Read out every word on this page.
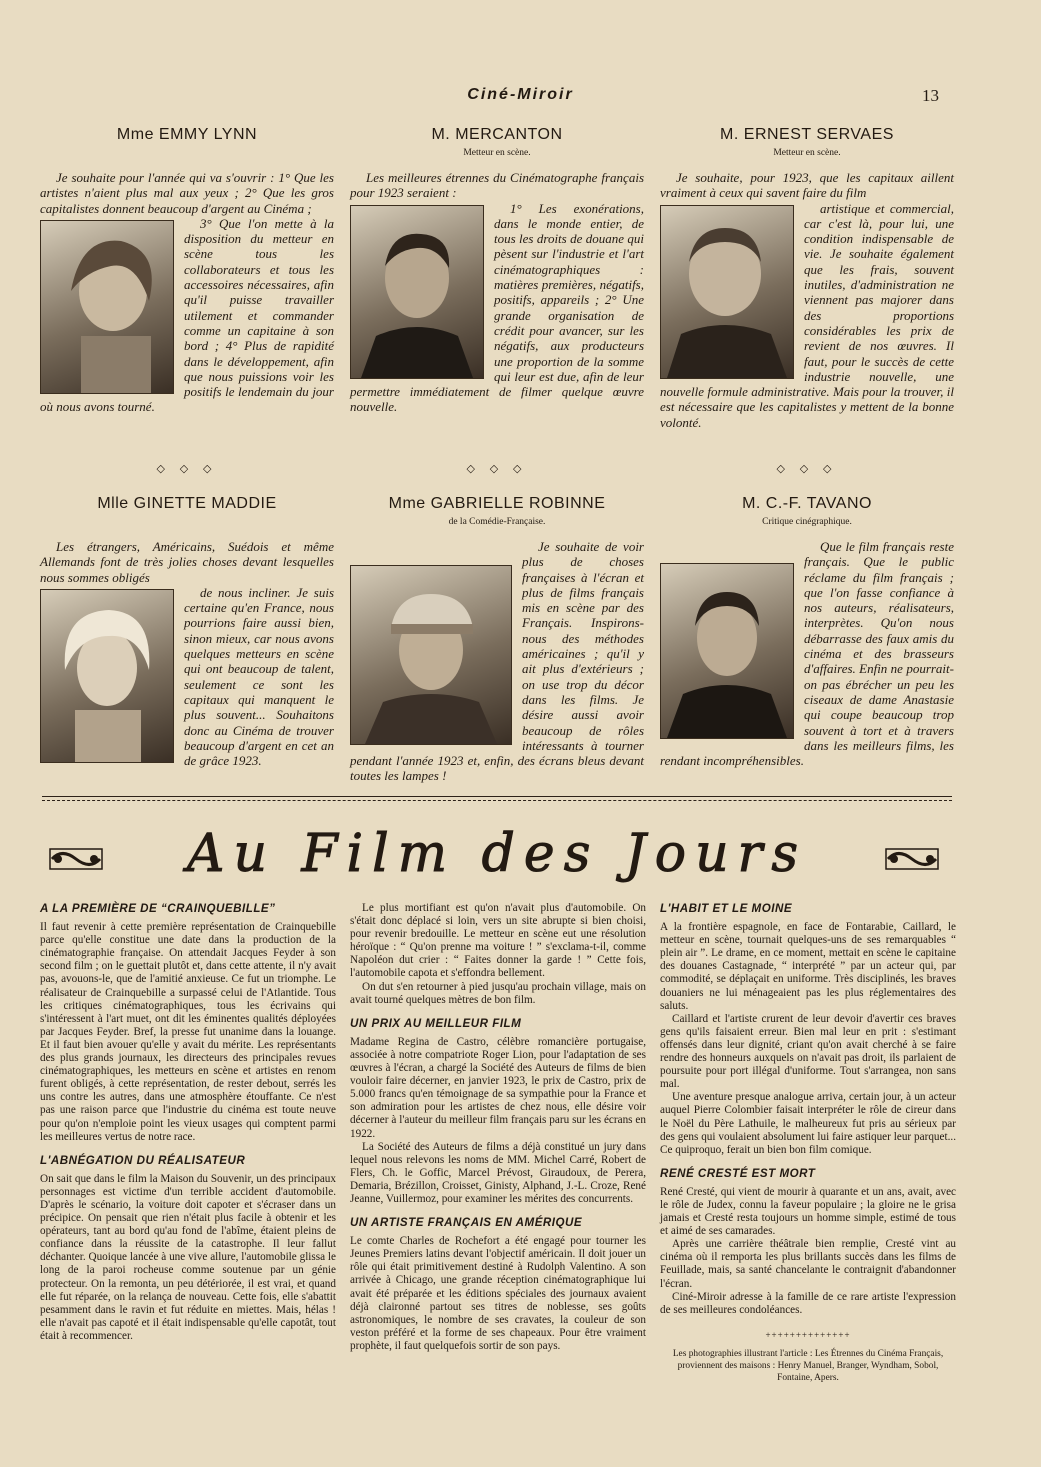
Ciné-Miroir	13
Mme EMMY LYNN

Je souhaite pour l'année qui va s'ouvrir : 1° Que les artistes n'aient plus mal aux yeux ; 2° Que les gros capitalistes donnent beaucoup d'argent au Cinéma ;

3° Que l'on mette à la disposition du metteur en scène tous les collaborateurs et tous les accessoires nécessaires, afin qu'il puisse travailler utilement et commander comme un capitaine à son bord ; 4° Plus de rapidité dans le développement, afin que nous puissions voir les positifs le lendemain du jour où nous avons tourné.

M. MERCANTON
Metteur en scène.

Les meilleures étrennes du Cinématographe français pour 1923 seraient :

1° Les exonérations, dans le monde entier, de tous les droits de douane qui pèsent sur l'industrie et l'art cinématographiques : matières premières, négatifs, positifs, appareils ; 2° Une grande organisation de crédit pour avancer, sur les négatifs, aux producteurs une proportion de la somme qui leur est due, afin de leur permettre immédiatement de filmer quelque œuvre nouvelle.

M. ERNEST SERVAES
Metteur en scène.

Je souhaite, pour 1923, que les capitaux aillent vraiment à ceux qui savent faire du film

artistique et commercial, car c'est là, pour lui, une condition indispensable de vie. Je souhaite également que les frais, souvent inutiles, d'administration ne viennent pas majorer dans des proportions considérables les prix de revient de nos œuvres. Il faut, pour le succès de cette industrie nouvelle, une nouvelle formule administrative. Mais pour la trouver, il est nécessaire que les capitalistes y mettent de la bonne volonté.

◇ ◇ ◇	◇ ◇ ◇	◇ ◇ ◇
Mlle GINETTE MADDIE

Les étrangers, Américains, Suédois et même Allemands font de très jolies choses devant lesquelles nous sommes obligés

de nous incliner. Je suis certaine qu'en France, nous pourrions faire aussi bien, sinon mieux, car nous avons quelques metteurs en scène qui ont beaucoup de talent, seulement ce sont les capitaux qui manquent le plus souvent... Souhaitons donc au Cinéma de trouver beaucoup d'argent en cet an de grâce 1923.

Mme GABRIELLE ROBINNE
de la Comédie-Française.

Je souhaite de voir plus de choses françaises à l'écran et plus de films français mis en scène par des Français. Inspirons-nous des méthodes américaines ; qu'il y ait plus d'extérieurs ; on use trop du décor dans les films. Je désire aussi avoir beaucoup de rôles intéressants à tourner pendant l'année 1923 et, enfin, des écrans bleus devant toutes les lampes !

M. C.-F. TAVANO
Critique cinégraphique.

Que le film français reste français. Que le public réclame du film français ; que l'on fasse confiance à nos auteurs, réalisateurs, interprètes. Qu'on nous débarrasse des faux amis du cinéma et des brasseurs d'affaires. Enfin ne pourrait-on pas ébrécher un peu les ciseaux de dame Anastasie qui coupe beaucoup trop souvent à tort et à travers dans les meilleurs films, les rendant incompréhensibles.

Au Film des Jours
A LA PREMIÈRE DE “CRAINQUEBILLE”

Il faut revenir à cette première représentation de Crainquebille parce qu'elle constitue une date dans la production de la cinématographie française. On attendait Jacques Feyder à son second film ; on le guettait plutôt et, dans cette attente, il n'y avait pas, avouons-le, que de l'amitié anxieuse. Ce fut un triomphe. Le réalisateur de Crainquebille a surpassé celui de l'Atlantide. Tous les critiques cinématographiques, tous les écrivains qui s'intéressent à l'art muet, ont dit les éminentes qualités déployées par Jacques Feyder. Bref, la presse fut unanime dans la louange. Et il faut bien avouer qu'elle y avait du mérite. Les représentants des plus grands journaux, les directeurs des principales revues cinématographiques, les metteurs en scène et artistes en renom furent obligés, à cette représentation, de rester debout, serrés les uns contre les autres, dans une atmosphère étouffante. Ce n'est pas une raison parce que l'industrie du cinéma est toute neuve pour qu'on n'emploie point les vieux usages qui comptent parmi les meilleures vertus de notre race.

L'ABNÉGATION DU RÉALISATEUR

On sait que dans le film la Maison du Souvenir, un des principaux personnages est victime d'un terrible accident d'automobile. D'après le scénario, la voiture doit capoter et s'écraser dans un précipice. On pensait que rien n'était plus facile à obtenir et les opérateurs, tant au bord qu'au fond de l'abîme, étaient pleins de confiance dans la réussite de la catastrophe. Il leur fallut déchanter. Quoique lancée à une vive allure, l'automobile glissa le long de la paroi rocheuse comme soutenue par un génie protecteur. On la remonta, un peu détériorée, il est vrai, et quand elle fut réparée, on la relança de nouveau. Cette fois, elle s'abattit pesamment dans le ravin et fut réduite en miettes. Mais, hélas ! elle n'avait pas capoté et il était indispensable qu'elle capotât, tout était à recommencer.

Le plus mortifiant est qu'on n'avait plus d'automobile. On s'était donc déplacé si loin, vers un site abrupte si bien choisi, pour revenir bredouille. Le metteur en scène eut une résolution héroïque : “ Qu'on prenne ma voiture ! ” s'exclama-t-il, comme Napoléon dut crier : “ Faites donner la garde ! ” Cette fois, l'automobile capota et s'effondra bellement.

On dut s'en retourner à pied jusqu'au prochain village, mais on avait tourné quelques mètres de bon film.

UN PRIX AU MEILLEUR FILM

Madame Regina de Castro, célèbre romancière portugaise, associée à notre compatriote Roger Lion, pour l'adaptation de ses œuvres à l'écran, a chargé la Société des Auteurs de films de bien vouloir faire décerner, en janvier 1923, le prix de Castro, prix de 5.000 francs qu'en témoignage de sa sympathie pour la France et son admiration pour les artistes de chez nous, elle désire voir décerner à l'auteur du meilleur film français paru sur les écrans en 1922.

La Société des Auteurs de films a déjà constitué un jury dans lequel nous relevons les noms de MM. Michel Carré, Robert de Flers, Ch. le Goffic, Marcel Prévost, Giraudoux, de Perera, Demaria, Brézillon, Croisset, Ginisty, Alphand, J.-L. Croze, René Jeanne, Vuillermoz, pour examiner les mérites des concurrents.

UN ARTISTE FRANÇAIS EN AMÉRIQUE

Le comte Charles de Rochefort a été engagé pour tourner les Jeunes Premiers latins devant l'objectif américain. Il doit jouer un rôle qui était primitivement destiné à Rudolph Valentino. A son arrivée à Chicago, une grande réception cinématographique lui avait été préparée et les éditions spéciales des journaux avaient déjà claironné partout ses titres de noblesse, ses goûts astronomiques, le nombre de ses cravates, la couleur de son veston préféré et la forme de ses chapeaux. Pour être vraiment prophète, il faut quelquefois sortir de son pays.

L'HABIT ET LE MOINE

A la frontière espagnole, en face de Fontarabie, Caillard, le metteur en scène, tournait quelques-uns de ses remarquables “ plein air ”. Le drame, en ce moment, mettait en scène le capitaine des douanes Castagnade, “ interprété ” par un acteur qui, par commodité, se déplaçait en uniforme. Très disciplinés, les braves douaniers ne lui ménageaient pas les plus réglementaires des saluts.

Caillard et l'artiste crurent de leur devoir d'avertir ces braves gens qu'ils faisaient erreur. Bien mal leur en prit : s'estimant offensés dans leur dignité, criant qu'on avait cherché à se faire rendre des honneurs auxquels on n'avait pas droit, ils parlaient de poursuite pour port illégal d'uniforme. Tout s'arrangea, non sans mal.

Une aventure presque analogue arriva, certain jour, à un acteur auquel Pierre Colombier faisait interpréter le rôle de cireur dans le Noël du Père Lathuile, le malheureux fut pris au sérieux par des gens qui voulaient absolument lui faire astiquer leur parquet... Ce quiproquo, ferait un bien bon film comique.

RENÉ CRESTÉ EST MORT

René Cresté, qui vient de mourir à quarante et un ans, avait, avec le rôle de Judex, connu la faveur populaire ; la gloire ne le grisa jamais et Cresté resta toujours un homme simple, estimé de tous et aimé de ses camarades.

Après une carrière théâtrale bien remplie, Cresté vint au cinéma où il remporta les plus brillants succès dans les films de Feuillade, mais, sa santé chancelante le contraignit d'abandonner l'écran.

Ciné-Miroir adresse à la famille de ce rare artiste l'expression de ses meilleures condoléances.

++++++++++++++
Les photographies illustrant l'article : Les Étrennes du Cinéma Français, proviennent des maisons : Henry Manuel, Branger, Wyndham, Sobol, Fontaine, Apers.
